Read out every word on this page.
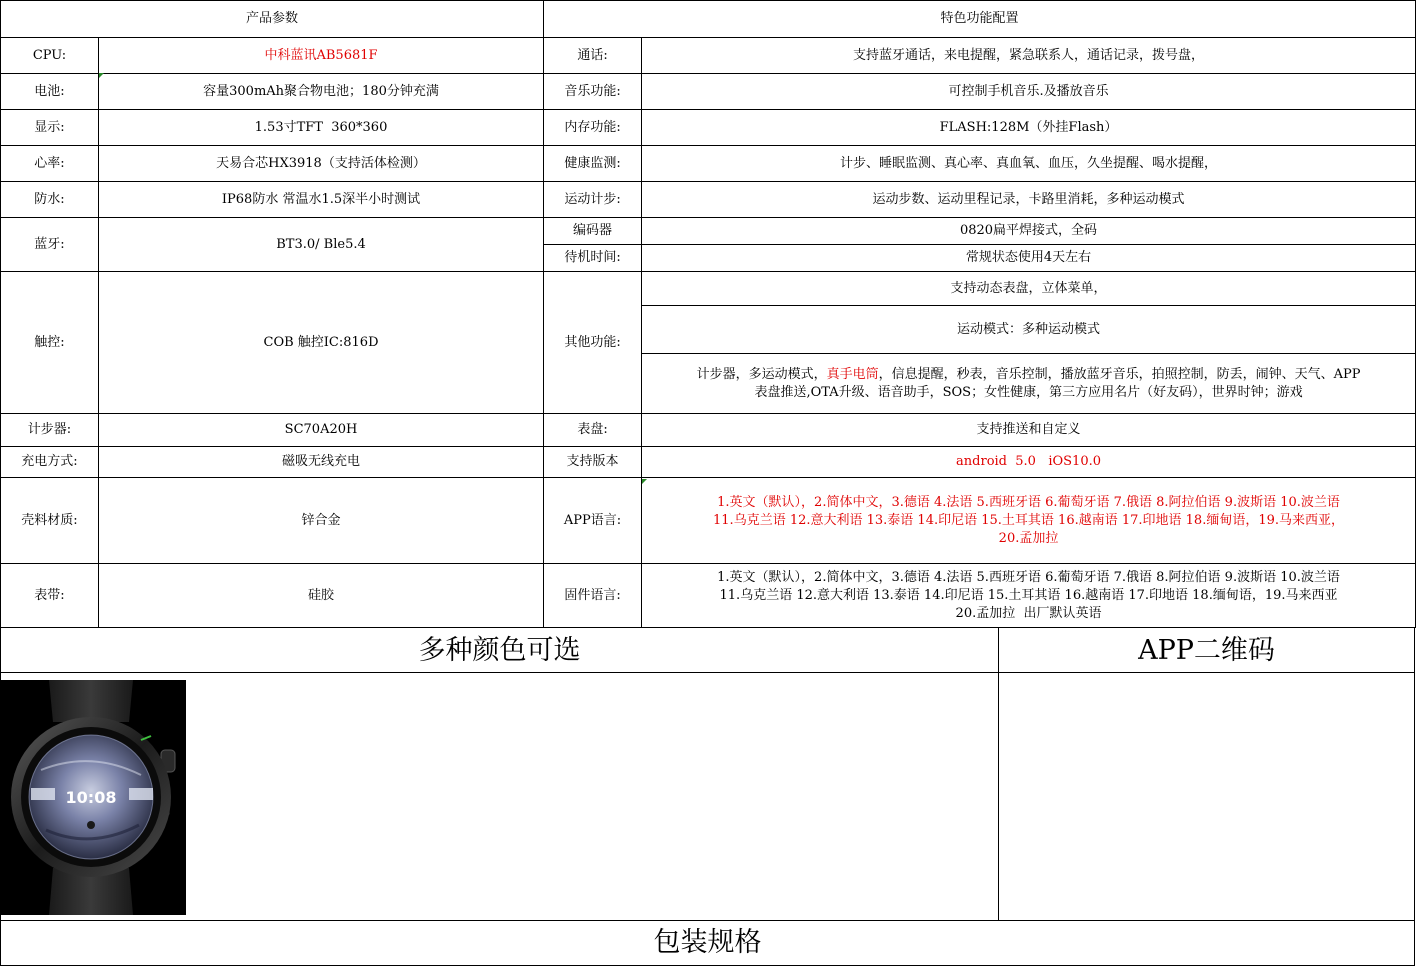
产品参数		特色功能配置	
CPU:	中科蓝讯AB5681F	通话:	支持蓝牙通话，来电提醒，紧急联系人，通话记录，拨号盘，
电池:	容量300mAh聚合物电池；180分钟充满	音乐功能:	可控制手机音乐.及播放音乐
显示:	1.53寸TFT  360*360	内存功能:	FLASH:128M（外挂Flash）
心率:	天易合芯HX3918（支持活体检测）	健康监测:	计步、睡眠监测、真心率、真血氧、血压，久坐提醒、喝水提醒，
防水:	IP68防水 常温水1.5深半小时测试	运动计步:	运动步数、运动里程记录，卡路里消耗，多种运动模式
蓝牙:	BT3.0/ Ble5.4	编码器	0820扁平焊接式，全码
		待机时间:	常规状态使用4天左右
触控:	COB 触控IC:816D	其他功能:	支持动态表盘，立体菜单，
			运动模式：多种运动模式
			计步器，多运动模式，真手电筒，信息提醒，秒表，音乐控制，播放蓝牙音乐，拍照控制，防丢，闹钟、天气、APP
表盘推送,OTA升级、语音助手，SOS；女性健康，第三方应用名片（好友码），世界时钟；游戏
计步器:	SC70A20H	表盘:	支持推送和自定义
充电方式:	磁吸无线充电	支持版本	android  5.0   iOS10.0
壳料材质:	锌合金	APP语言:	1.英文（默认），2.简体中文，3.德语 4.法语 5.西班牙语 6.葡萄牙语 7.俄语 8.阿拉伯语 9.波斯语 10.波兰语
11.乌克兰语 12.意大利语 13.泰语 14.印尼语 15.土耳其语 16.越南语 17.印地语 18.缅甸语，19.马来西亚，
20.孟加拉
表带:	硅胶	固件语言:	1.英文（默认），2.简体中文，3.德语 4.法语 5.西班牙语 6.葡萄牙语 7.俄语 8.阿拉伯语 9.波斯语 10.波兰语
11.乌克兰语 12.意大利语 13.泰语 14.印尼语 15.土耳其语 16.越南语 17.印地语 18.缅甸语，19.马来西亚
20.孟加拉  出厂默认英语
多种颜色可选	APP二维码
10:08
包装规格
